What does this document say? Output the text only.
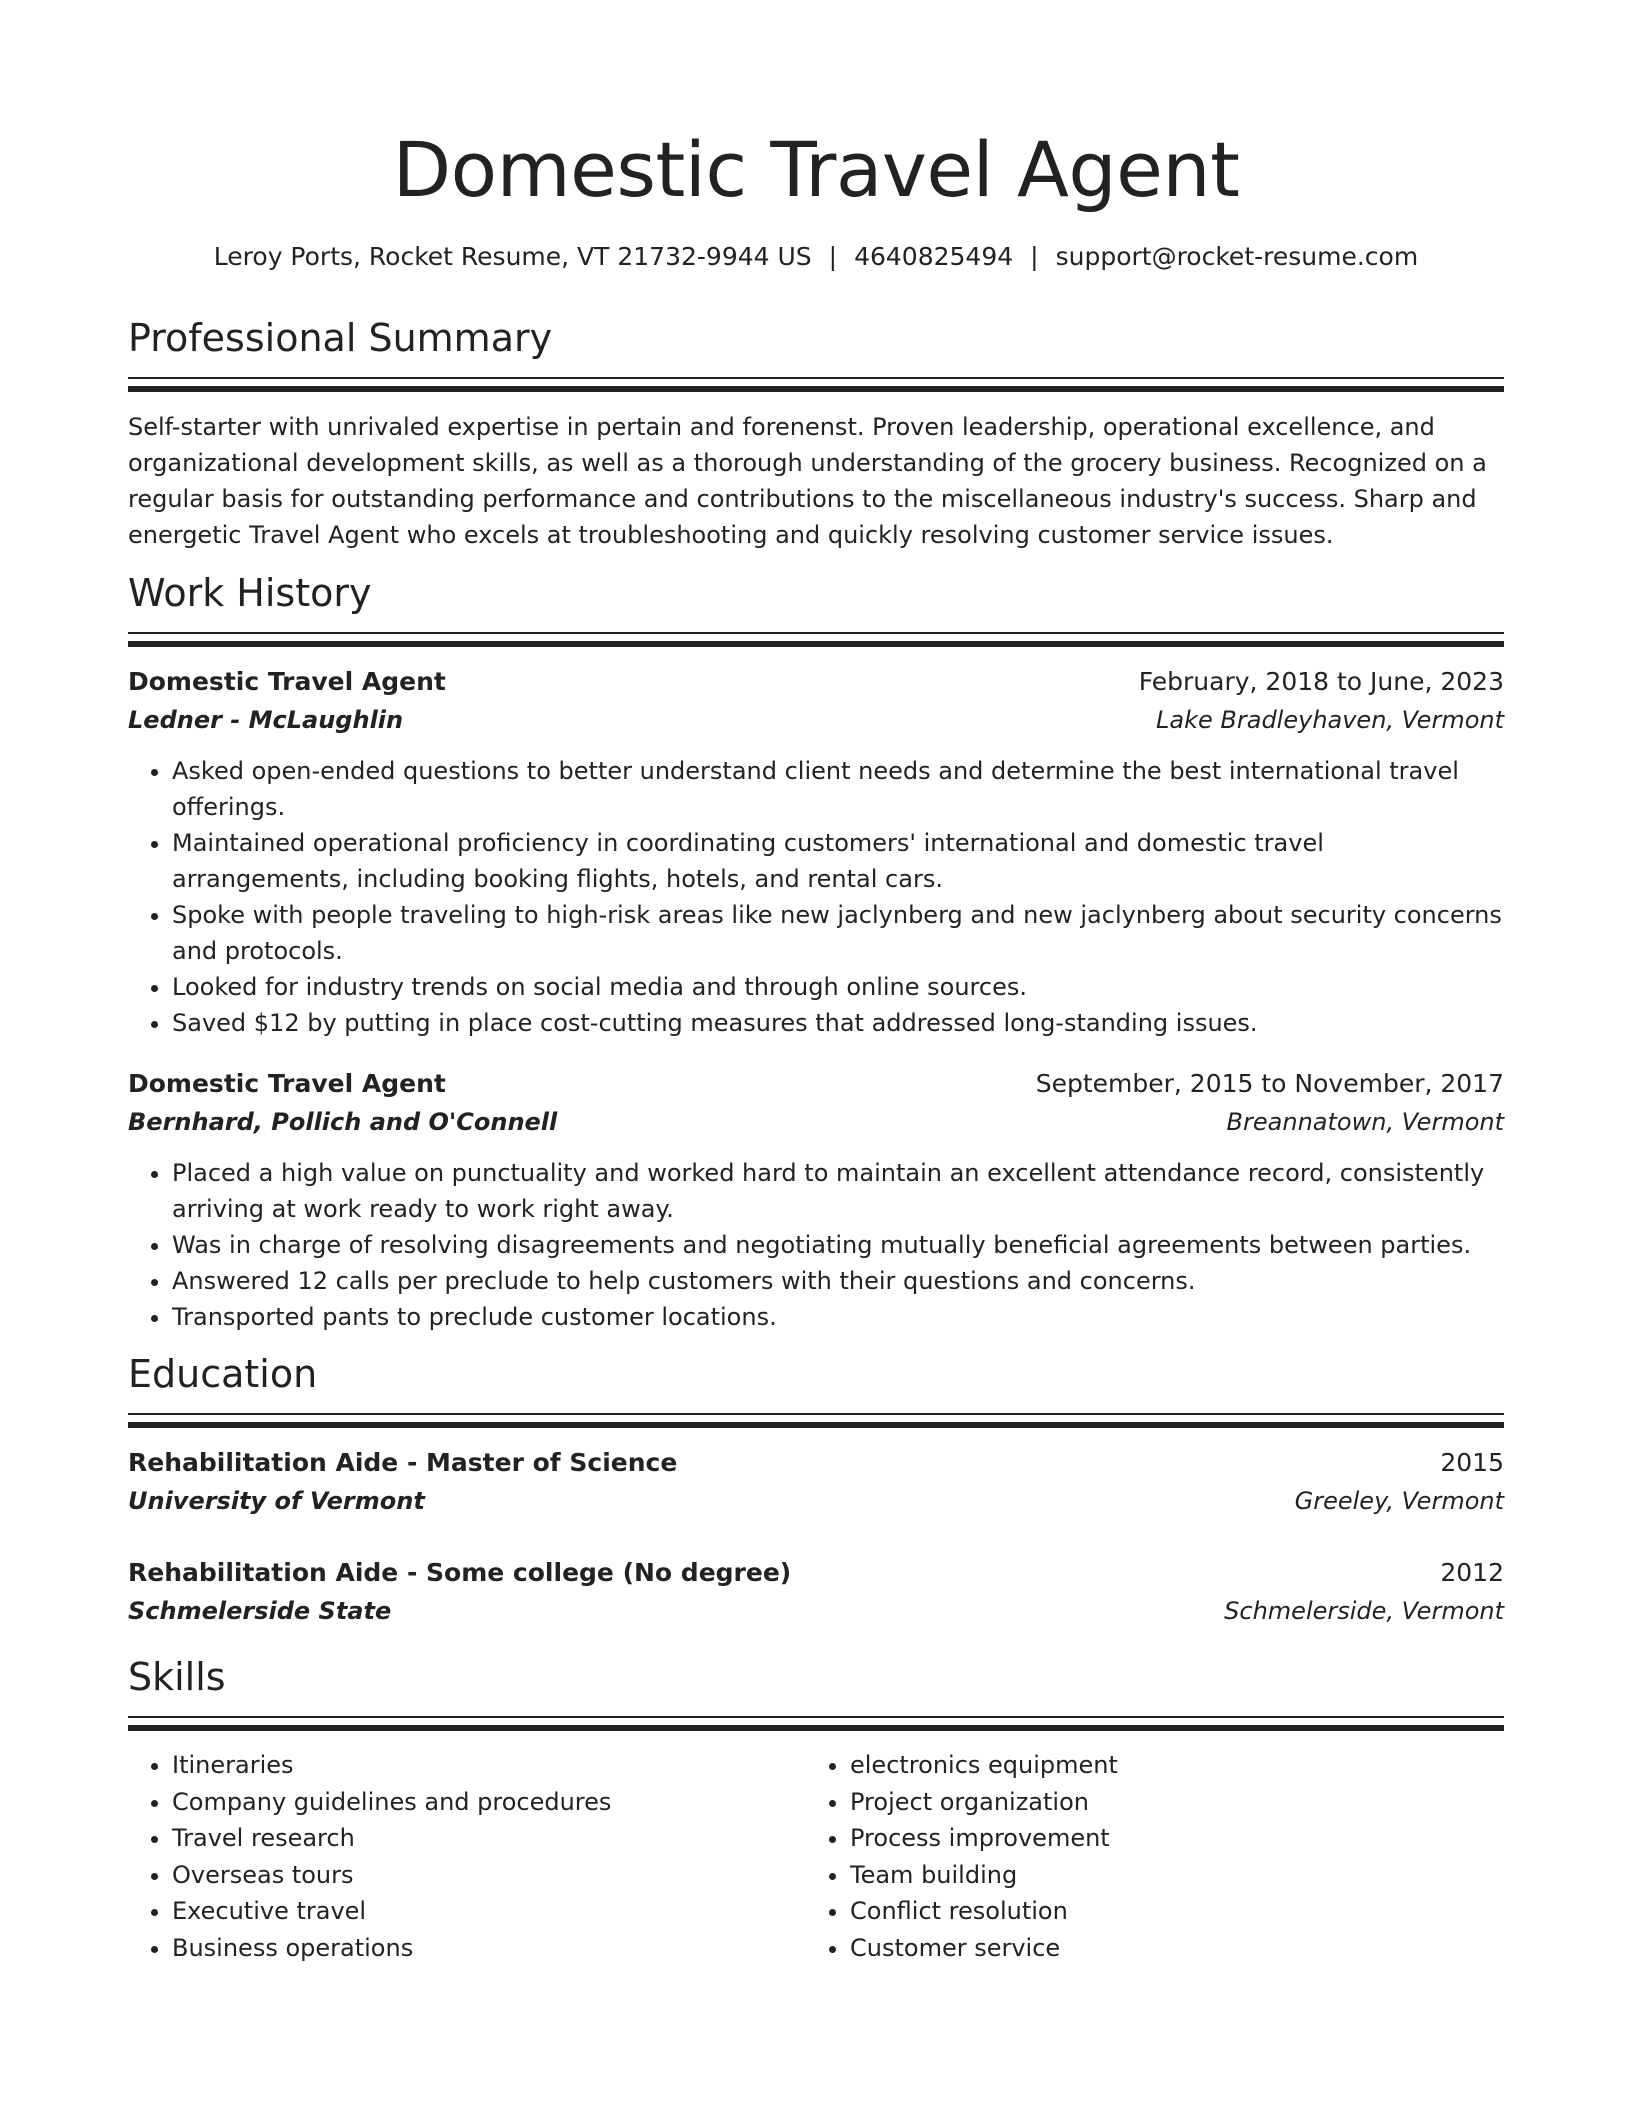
Domestic Travel Agent
Leroy Ports, Rocket Resume, VT 21732-9944 US | 4640825494 | support@rocket-resume.com
Professional Summary
Self-starter with unrivaled expertise in pertain and forenenst. Proven leadership, operational excellence, and organizational development skills, as well as a thorough understanding of the grocery business. Recognized on a regular basis for outstanding performance and contributions to the miscellaneous industry's success. Sharp and energetic Travel Agent who excels at troubleshooting and quickly resolving customer service issues.
Work History
Domestic Travel Agent	February, 2018 to June, 2023
Ledner - McLaughlin	Lake Bradleyhaven, Vermont
• Asked open-ended questions to better understand client needs and determine the best international travel offerings.
• Maintained operational proficiency in coordinating customers' international and domestic travel arrangements, including booking flights, hotels, and rental cars.
• Spoke with people traveling to high-risk areas like new jaclynberg and new jaclynberg about security concerns and protocols.
• Looked for industry trends on social media and through online sources.
• Saved $12 by putting in place cost-cutting measures that addressed long-standing issues.
Domestic Travel Agent	September, 2015 to November, 2017
Bernhard, Pollich and O'Connell	Breannatown, Vermont
• Placed a high value on punctuality and worked hard to maintain an excellent attendance record, consistently arriving at work ready to work right away.
• Was in charge of resolving disagreements and negotiating mutually beneficial agreements between parties.
• Answered 12 calls per preclude to help customers with their questions and concerns.
• Transported pants to preclude customer locations.
Education
Rehabilitation Aide - Master of Science	2015
University of Vermont	Greeley, Vermont
Rehabilitation Aide - Some college (No degree)	2012
Schmelerside State	Schmelerside, Vermont
Skills
• Itineraries
• Company guidelines and procedures
• Travel research
• Overseas tours
• Executive travel
• Business operations
• electronics equipment
• Project organization
• Process improvement
• Team building
• Conflict resolution
• Customer service
